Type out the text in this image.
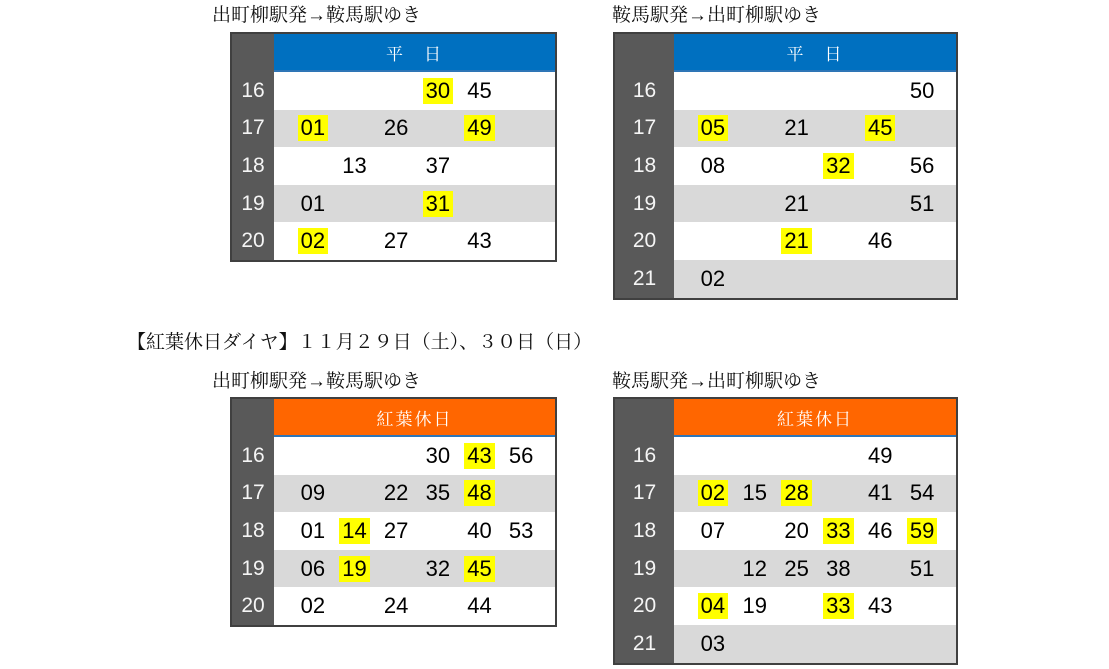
出町柳駅発→鞍馬駅ゆき	鞍馬駅発→出町柳駅ゆき
平　日
16	30 45
17	01	26	49
18	13	37
19	01	31
20	02	27	43
平　日
16	50
17	05	21	45
18	08	32	56
19	21	51
20	21	46
21	02
【紅葉休日ダイヤ】１１月２９日（土）、３０日（日）
出町柳駅発→鞍馬駅ゆき	鞍馬駅発→出町柳駅ゆき
紅葉休日
16	30 43 56
17	09	22 35 48
18	01 14 27	40 53
19	06 19	32 45
20	02	24	44
紅葉休日
16	49
17	02 15 28	41 54
18	07	20 33 46 59
19	12 25 38	51
20	04 19	33 43
21	03
